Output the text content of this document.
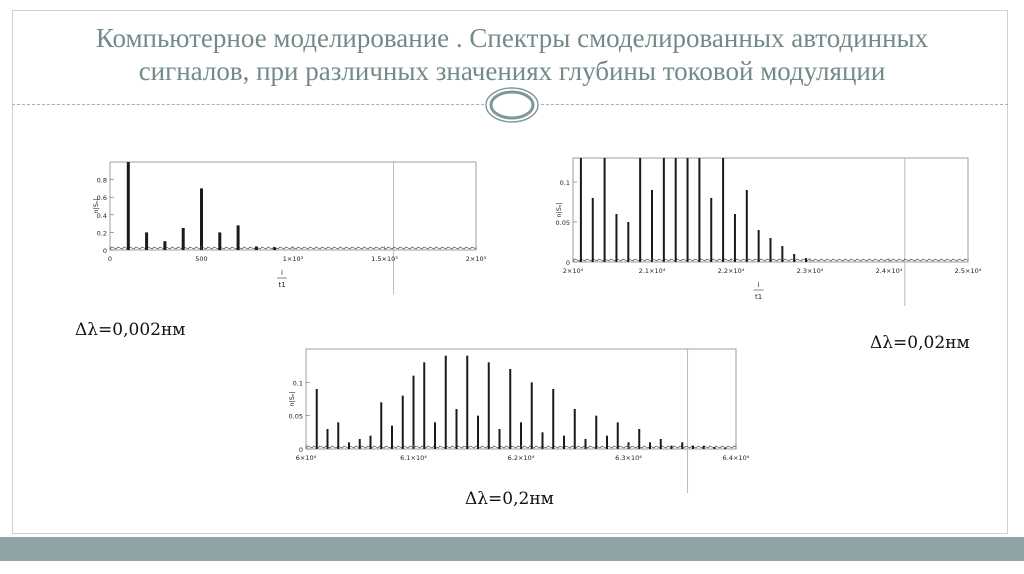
Компьютерное моделирование . Спектры смоделированных автодинных
сигналов, при различных значениях глубины токовой модуляции
0
0.2
0.4
0.6
0.8
0	500	1×10³	1.5×10³	2×10³
n|Sₙ|
i
t1
0
0.05
0.1
2×10⁴	2.1×10⁴	2.2×10⁴	2.3×10⁴	2.4×10⁴	2.5×10⁴
n|Sₙ|
i
t1
0
0.05
0.1
6×10⁴	6.1×10⁴	6.2×10⁴	6.3×10⁴	6.4×10⁴
n|Sₙ|
Δλ=0,002нм
Δλ=0,02нм
Δλ=0,2нм
